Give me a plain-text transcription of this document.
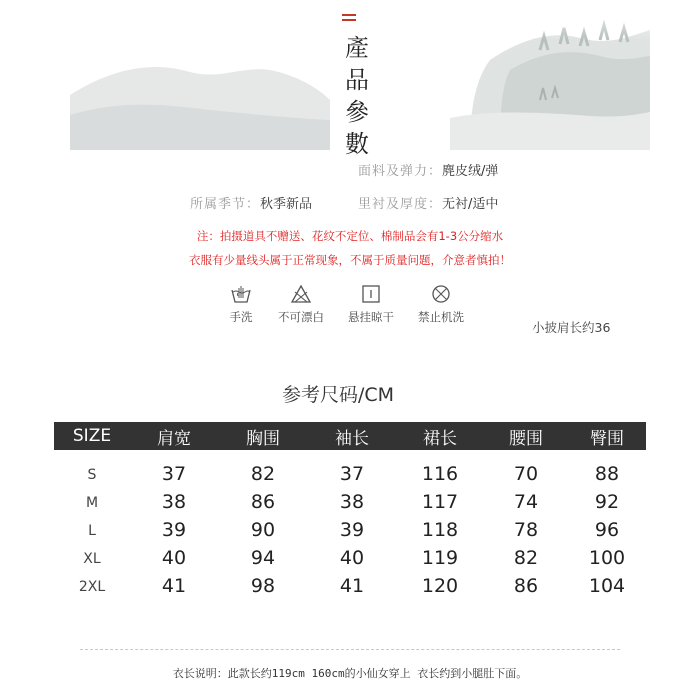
產
品
參
數
面料及弹力：麂皮绒/弹
所属季节：秋季新品	里衬及厚度：无衬/适中
注：拍摄道具不赠送、花纹不定位、棉制品会有1-3公分缩水
衣服有少量线头属于正常现象，不属于质量问题，介意者慎拍！
手洗	不可漂白	悬挂晾干	禁止机洗
小披肩长约36
参考尺码/CM
SIZE	肩宽	胸围	袖长	裙长	腰围	臀围
S	37	82	37	116	70	88
M	38	86	38	117	74	92
L	39	90	39	118	78	96
XL	40	94	40	119	82	100
2XL	41	98	41	120	86	104
衣长说明：此款长约119cm 160cm的小仙女穿上 衣长约到小腿肚下面。
